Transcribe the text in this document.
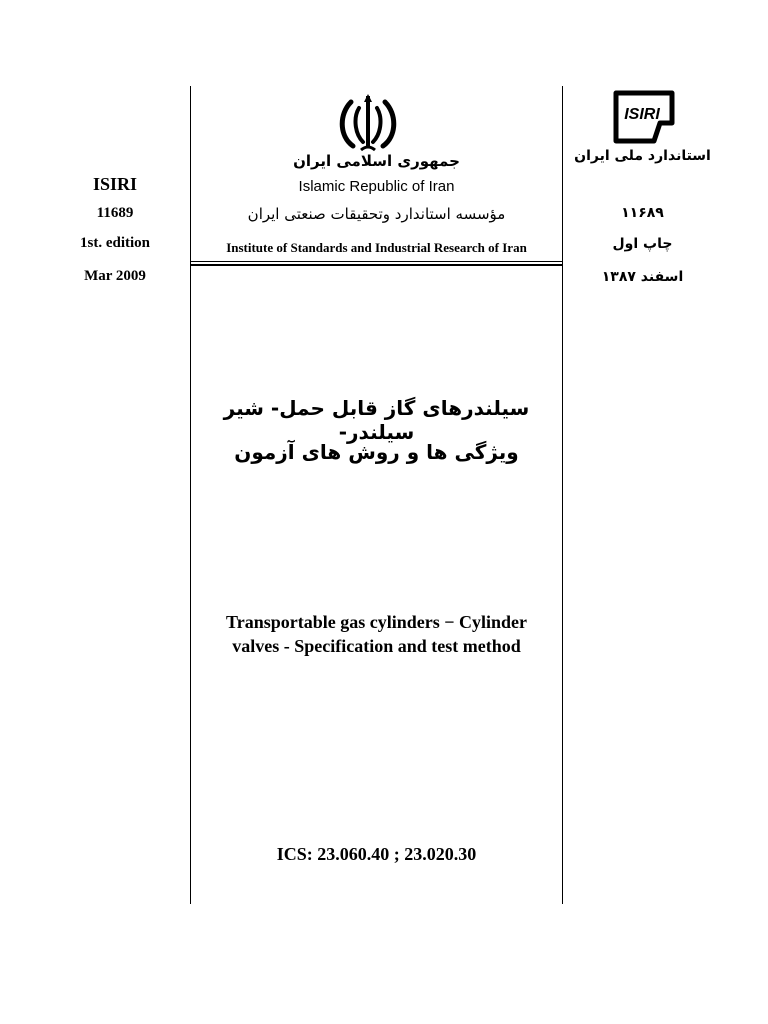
ISIRI
11689
1st. edition
Mar 2009
ISIRI
استاندارد ملی ایران
۱۱۶۸۹
چاپ اول
اسفند ۱۳۸۷
جمهوری اسلامی ایران
Islamic Republic of Iran
مؤسسه استاندارد وتحقیقات صنعتی ایران
Institute of Standards and Industrial Research of Iran
سیلندرهای گاز قابل حمل- شیر سیلندر-
ویژگی ها و روش های آزمون
Transportable gas cylinders − Cylinder
valves - Specification and test method
ICS: 23.060.40 ; 23.020.30
